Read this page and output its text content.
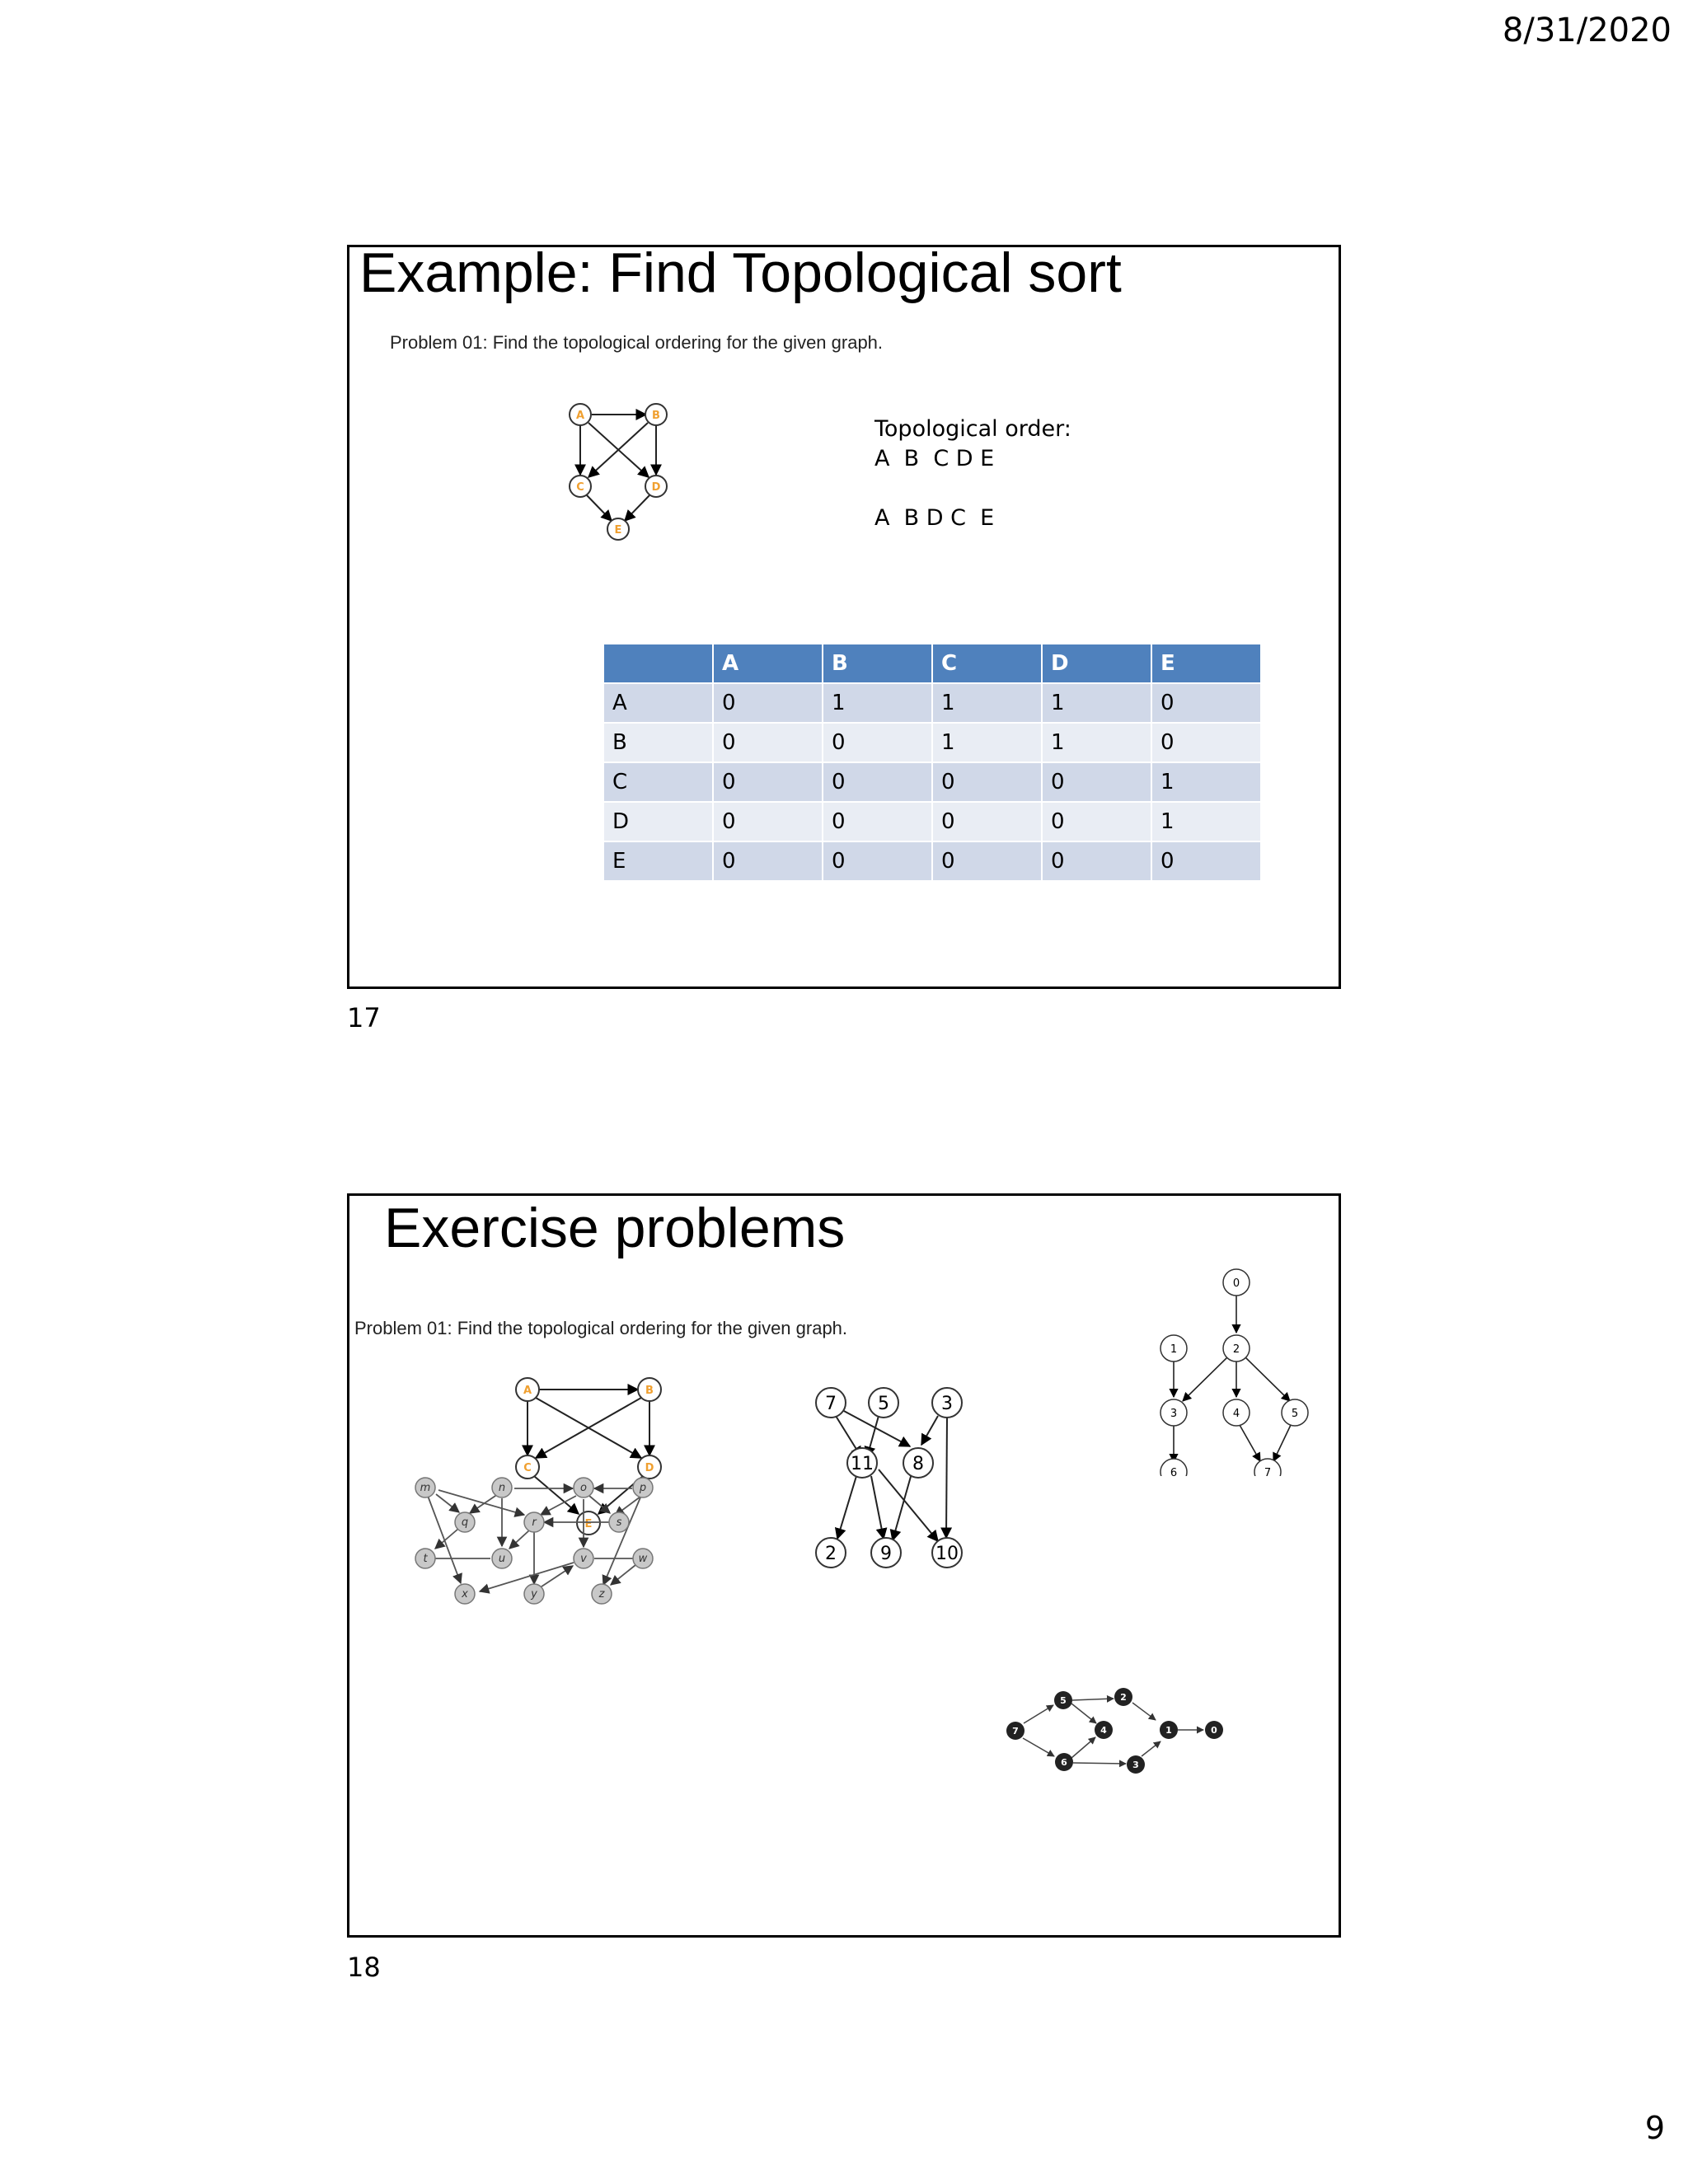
8/31/2020
9
Example: Find Topological sort
Problem 01: Find the topological ordering for the given graph.
A	B
C	D
E
Topological order:
A  B  C D E
A  B D C  E
	A	B	C	D	E
A	0	1	1	1	0
B	0	0	1	1	0
C	0	0	0	0	1
D	0	0	0	0	1
E	0	0	0	0	0
17
Exercise problems
Problem 01: Find the topological ordering for the given graph.
A	B
C	D
E
7 5	3
11 8
2 9 10
0
1	2
3	4	5
6	7
m	n	o	p
q	r	s
t	u	v	w
x	y	z
5	2
7	4	1	0
6	3
18
